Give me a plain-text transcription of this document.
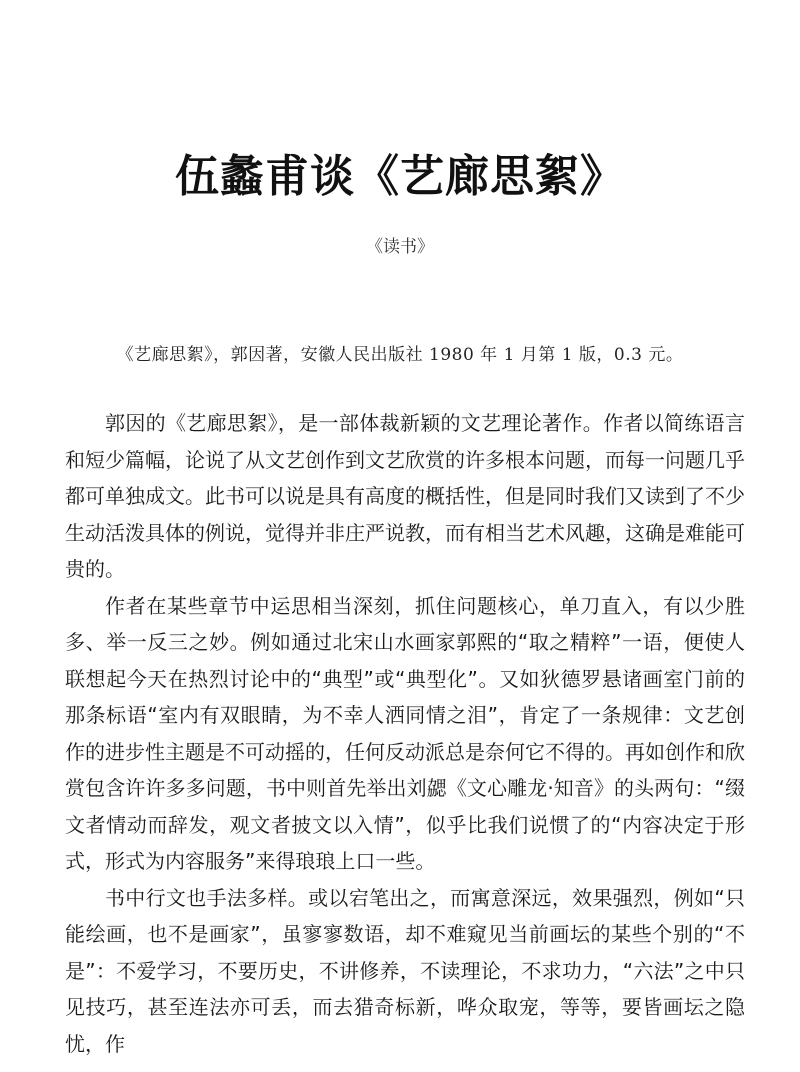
伍蠡甫谈《艺廊思絮》
《读书》
《艺廊思絮》，郭因著，安徽人民出版社 1980 年 1 月第 1 版，0.3 元。

郭因的《艺廊思絮》，是一部体裁新颖的文艺理论著作。作者以简练语言和短少篇幅，论说了从文艺创作到文艺欣赏的许多根本问题，而每一问题几乎都可单独成文。此书可以说是具有高度的概括性，但是同时我们又读到了不少生动活泼具体的例说，觉得并非庄严说教，而有相当艺术风趣，这确是难能可贵的。

作者在某些章节中运思相当深刻，抓住问题核心，单刀直入，有以少胜多、举一反三之妙。例如通过北宋山水画家郭熙的“取之精粹”一语，便使人联想起今天在热烈讨论中的“典型”或“典型化”。又如狄德罗悬诸画室门前的那条标语“室内有双眼睛，为不幸人洒同情之泪”，肯定了一条规律：文艺创作的进步性主题是不可动摇的，任何反动派总是奈何它不得的。再如创作和欣赏包含许许多多问题，书中则首先举出刘勰《文心雕龙·知音》的头两句：“缀文者情动而辞发，观文者披文以入情”，似乎比我们说惯了的“内容决定于形式，形式为内容服务”来得琅琅上口一些。

书中行文也手法多样。或以宕笔出之，而寓意深远，效果强烈，例如“只能绘画，也不是画家”，虽寥寥数语，却不难窥见当前画坛的某些个别的“不是”：不爱学习，不要历史，不讲修养，不读理论，不求功力，“六法”之中只见技巧，甚至连法亦可丢，而去猎奇标新，哗众取宠，等等，要皆画坛之隐忧，作
